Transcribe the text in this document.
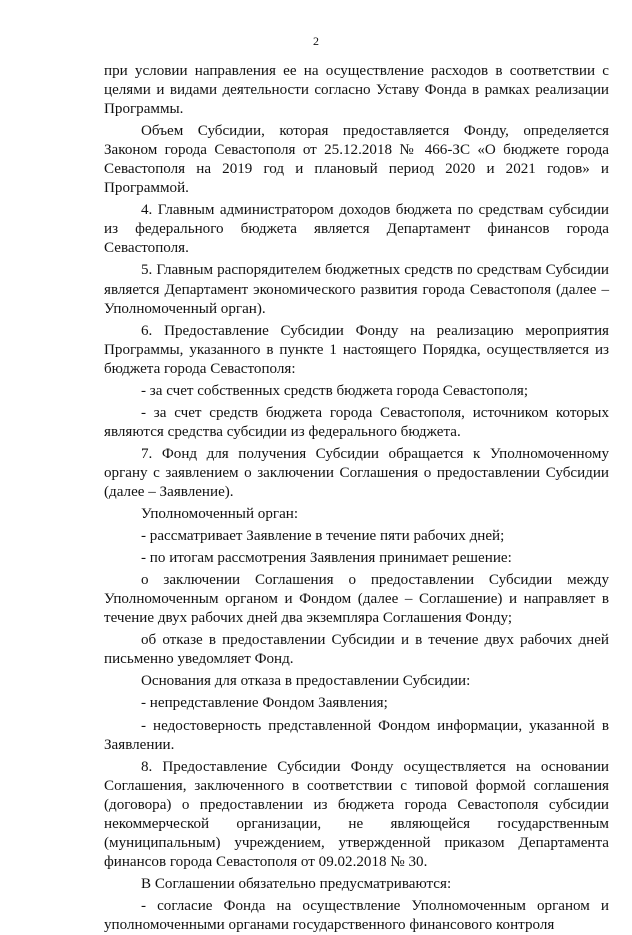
2

при условии направления ее на осуществление расходов в соответствии с целями и видами деятельности согласно Уставу Фонда в рамках реализации Программы.

Объем Субсидии, которая предоставляется Фонду, определяется Законом города Севастополя от 25.12.2018 № 466-ЗС «О бюджете города Севастополя на 2019 год и плановый период 2020 и 2021 годов» и Программой.

4. Главным администратором доходов бюджета по средствам субсидии из федерального бюджета является Департамент финансов города Севастополя.

5. Главным распорядителем бюджетных средств по средствам Субсидии является Департамент экономического развития города Севастополя (далее – Уполномоченный орган).

6. Предоставление Субсидии Фонду на реализацию мероприятия Программы, указанного в пункте 1 настоящего Порядка, осуществляется из бюджета города Севастополя:

- за счет собственных средств бюджета города Севастополя;

- за счет средств бюджета города Севастополя, источником которых являются средства субсидии из федерального бюджета.

7. Фонд для получения Субсидии обращается к Уполномоченному органу с заявлением о заключении Соглашения о предоставлении Субсидии (далее – Заявление).

Уполномоченный орган:

- рассматривает Заявление в течение пяти рабочих дней;

- по итогам рассмотрения Заявления принимает решение:

о заключении Соглашения о предоставлении Субсидии между Уполномоченным органом и Фондом (далее – Соглашение) и направляет в течение двух рабочих дней два экземпляра Соглашения Фонду;

об отказе в предоставлении Субсидии и в течение двух рабочих дней письменно уведомляет Фонд.

Основания для отказа в предоставлении Субсидии:

- непредставление Фондом Заявления;

- недостоверность представленной Фондом информации, указанной в Заявлении.

8. Предоставление Субсидии Фонду осуществляется на основании Соглашения, заключенного в соответствии с типовой формой соглашения (договора) о предоставлении из бюджета города Севастополя субсидии некоммерческой организации, не являющейся государственным (муниципальным) учреждением, утвержденной приказом Департамента финансов города Севастополя от 09.02.2018 № 30.

В Соглашении обязательно предусматриваются:

- согласие Фонда на осуществление Уполномоченным органом и уполномоченными органами государственного финансового контроля
